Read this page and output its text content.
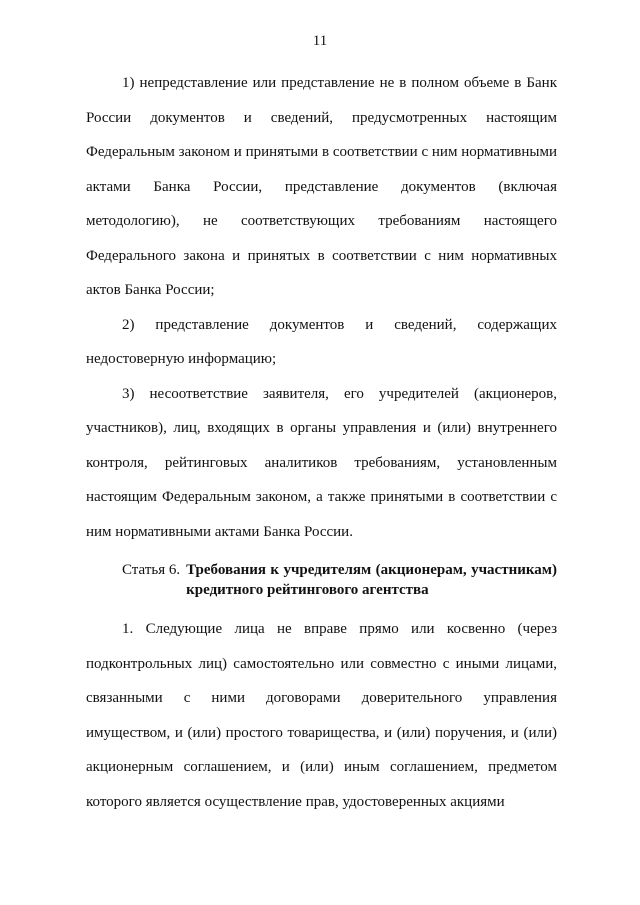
11

1) непредставление или представление не в полном объеме в Банк России документов и сведений, предусмотренных настоящим Федеральным законом и принятыми в соответствии с ним нормативными актами Банка России, представление документов (включая методологию), не соответствующих требованиям настоящего Федерального закона и принятых в соответствии с ним нормативных актов Банка России;

2) представление документов и сведений, содержащих недостоверную информацию;

3) несоответствие заявителя, его учредителей (акционеров, участников), лиц, входящих в органы управления и (или) внутреннего контроля, рейтинговых аналитиков требованиям, установленным настоящим Федеральным законом, а также принятыми в соответствии с ним нормативными актами Банка России.

Статья 6. Требования к учредителям (акционерам, участникам) кредитного рейтингового агентства

1. Следующие лица не вправе прямо или косвенно (через подконтрольных лиц) самостоятельно или совместно с иными лицами, связанными с ними договорами доверительного управления имуществом, и (или) простого товарищества, и (или) поручения, и (или) акционерным соглашением, и (или) иным соглашением, предметом которого является осуществление прав, удостоверенных акциями
